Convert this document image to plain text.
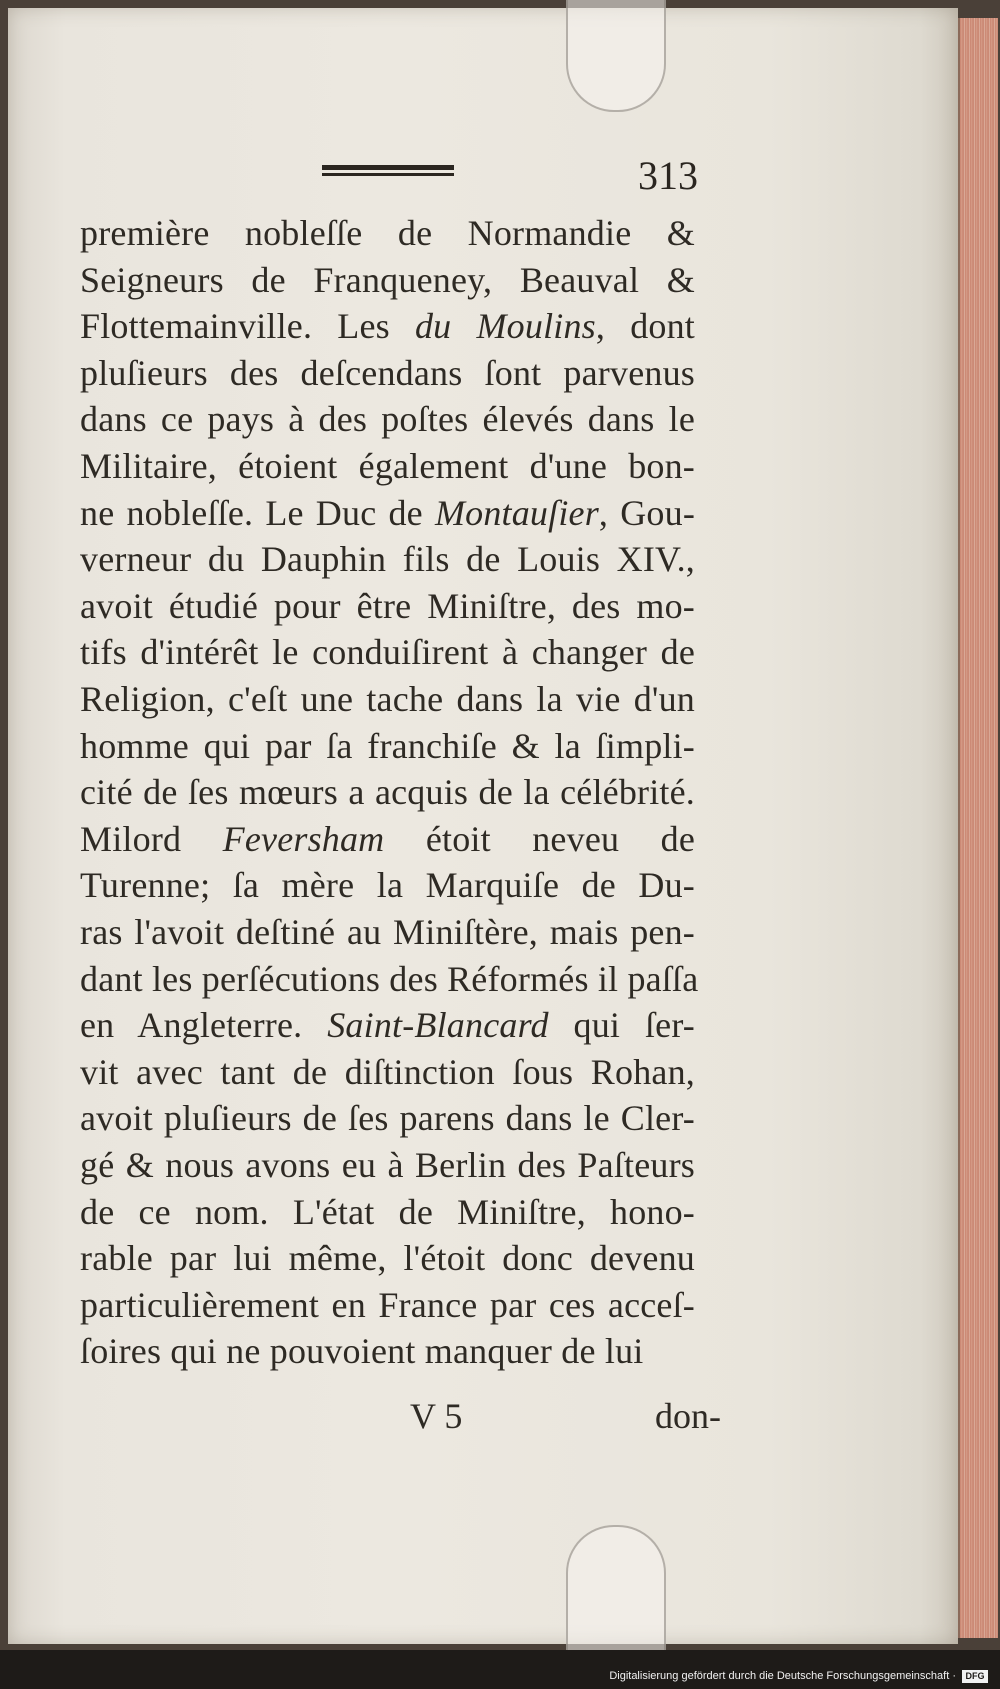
313
première nobleſſe de Normandie &
Seigneurs de Franqueney, Beauval &
Flottemainville. Les du Moulins, dont
pluſieurs des deſcendans ſont parvenus
dans ce pays à des poſtes élevés dans le
Militaire, étoient également d'une bon-
ne nobleſſe. Le Duc de Montauſier, Gou-
verneur du Dauphin fils de Louis XIV.,
avoit étudié pour être Miniſtre, des mo-
tifs d'intérêt le conduiſirent à changer de
Religion, c'eſt une tache dans la vie d'un
homme qui par ſa franchiſe & la ſimpli-
cité de ſes mœurs a acquis de la célébrité.
Milord Feversham étoit neveu de
Turenne; ſa mère la Marquiſe de Du-
ras l'avoit deſtiné au Miniſtère, mais pen-
dant les perſécutions des Réformés il paſſa
en Angleterre. Saint-Blancard qui ſer-
vit avec tant de diſtinction ſous Rohan,
avoit pluſieurs de ſes parens dans le Cler-
gé & nous avons eu à Berlin des Paſteurs
de ce nom. L'état de Miniſtre, hono-
rable par lui même, l'étoit donc devenu
particulièrement en France par ces acceſ-
ſoires qui ne pouvoient manquer de lui
V 5	don-
Digitalisierung gefördert durch die Deutsche Forschungsgemeinschaft ·	DFG
